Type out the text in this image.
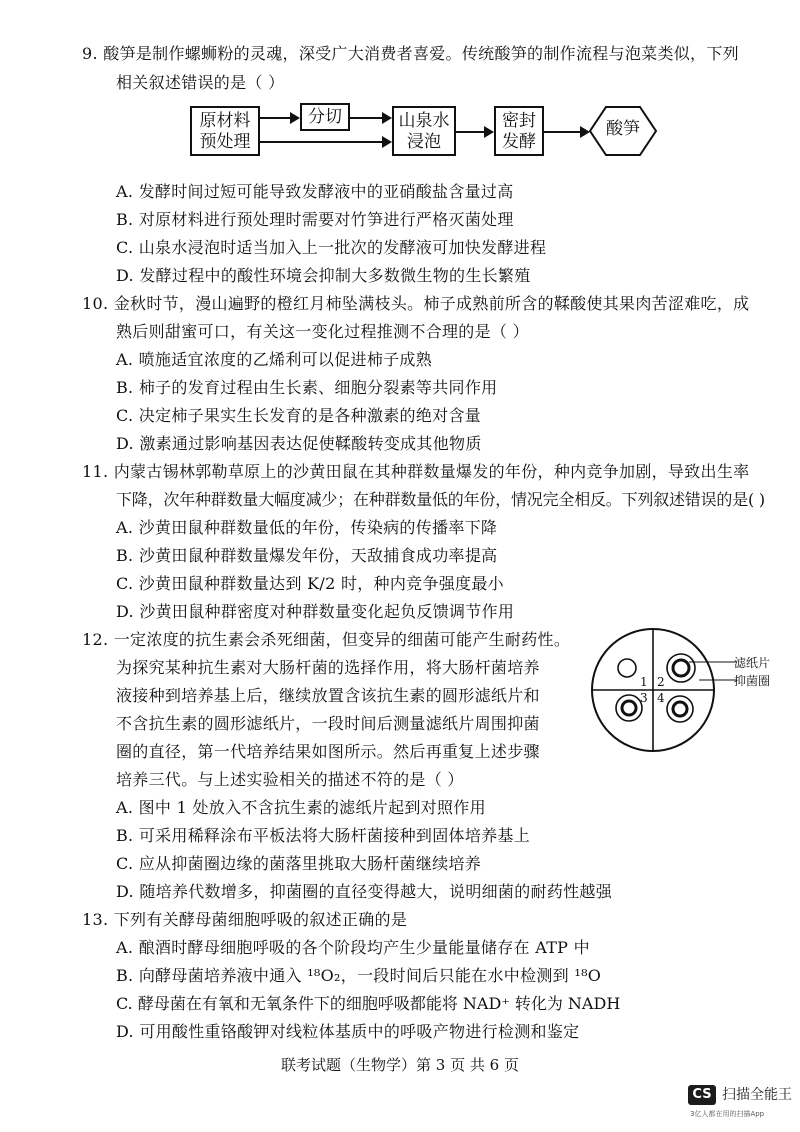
9. 酸笋是制作螺蛳粉的灵魂，深受广大消费者喜爱。传统酸笋的制作流程与泡菜类似，下列
相关叙述错误的是（ ）
原材料
预处理
分切	山泉水
浸泡
密封
发酵
酸笋
A. 发酵时间过短可能导致发酵液中的亚硝酸盐含量过高
B. 对原材料进行预处理时需要对竹笋进行严格灭菌处理
C. 山泉水浸泡时适当加入上一批次的发酵液可加快发酵进程
D. 发酵过程中的酸性环境会抑制大多数微生物的生长繁殖
10. 金秋时节，漫山遍野的橙红月柿坠满枝头。柿子成熟前所含的鞣酸使其果肉苦涩难吃，成
熟后则甜蜜可口，有关这一变化过程推测不合理的是（ ）
A. 喷施适宜浓度的乙烯利可以促进柿子成熟
B. 柿子的发育过程由生长素、细胞分裂素等共同作用
C. 决定柿子果实生长发育的是各种激素的绝对含量
D. 激素通过影响基因表达促使鞣酸转变成其他物质
11. 内蒙古锡林郭勒草原上的沙黄田鼠在其种群数量爆发的年份，种内竞争加剧，导致出生率
下降，次年种群数量大幅度减少；在种群数量低的年份，情况完全相反。下列叙述错误的是( )
A. 沙黄田鼠种群数量低的年份，传染病的传播率下降
B. 沙黄田鼠种群数量爆发年份，天敌捕食成功率提高
C. 沙黄田鼠种群数量达到 K/2 时，种内竞争强度最小
D. 沙黄田鼠种群密度对种群数量变化起负反馈调节作用
12. 一定浓度的抗生素会杀死细菌，但变异的细菌可能产生耐药性。
为探究某种抗生素对大肠杆菌的选择作用，将大肠杆菌培养
液接种到培养基上后，继续放置含该抗生素的圆形滤纸片和
不含抗生素的圆形滤纸片，一段时间后测量滤纸片周围抑菌
圈的直径，第一代培养结果如图所示。然后再重复上述步骤
培养三代。与上述实验相关的描述不符的是（ ）
1 2
3 4
滤纸片
抑菌圈
A. 图中 1 处放入不含抗生素的滤纸片起到对照作用
B. 可采用稀释涂布平板法将大肠杆菌接种到固体培养基上
C. 应从抑菌圈边缘的菌落里挑取大肠杆菌继续培养
D. 随培养代数增多，抑菌圈的直径变得越大，说明细菌的耐药性越强
13. 下列有关酵母菌细胞呼吸的叙述正确的是
A. 酿酒时酵母细胞呼吸的各个阶段均产生少量能量储存在 ATP 中
B. 向酵母菌培养液中通入 ¹⁸O₂，一段时间后只能在水中检测到 ¹⁸O
C. 酵母菌在有氧和无氧条件下的细胞呼吸都能将 NAD⁺ 转化为 NADH
D. 可用酸性重铬酸钾对线粒体基质中的呼吸产物进行检测和鉴定
联考试题（生物学）第 3 页 共 6 页
CS 扫描全能王
3亿人都在用的扫描App
